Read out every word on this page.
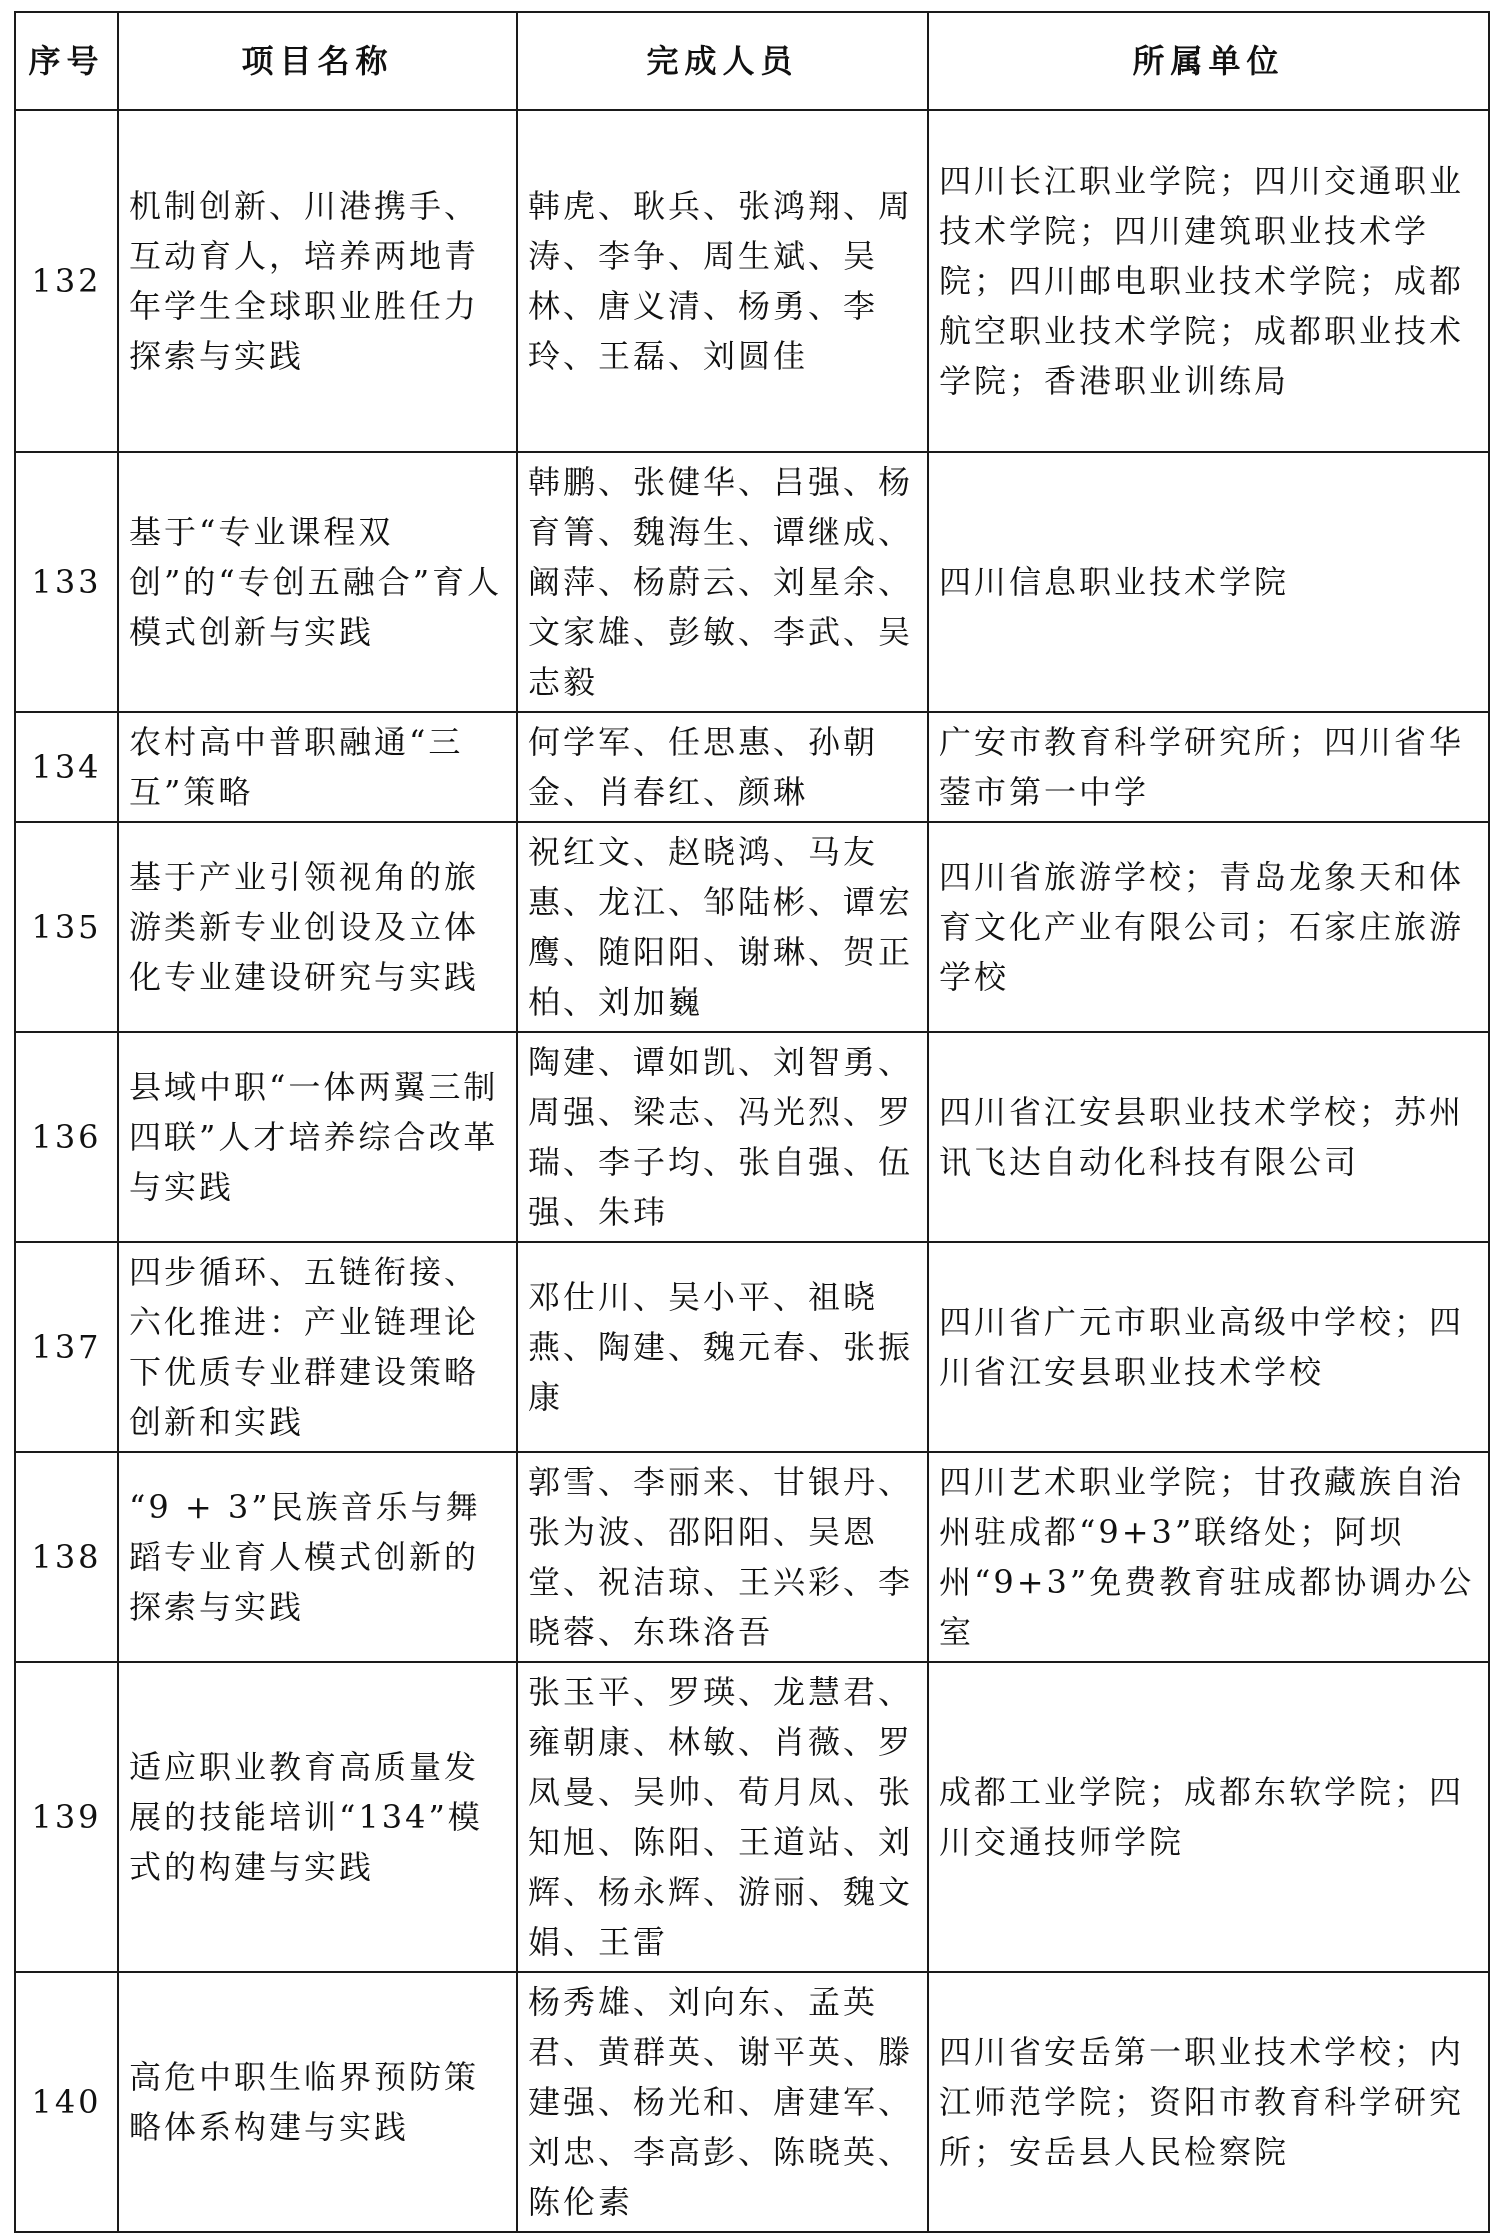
序号	项目名称	完成人员	所属单位
132	机制创新、川港携手、互动育人，培养两地青年学生全球职业胜任力探索与实践	韩虎、耿兵、张鸿翔、周涛、李争、周生斌、吴林、唐义清、杨勇、李玲、王磊、刘圆佳	四川长江职业学院；四川交通职业技术学院；四川建筑职业技术学院；四川邮电职业技术学院；成都航空职业技术学院；成都职业技术学院；香港职业训练局
133	基于“专业课程双创”的“专创五融合”育人模式创新与实践	韩鹏、张健华、吕强、杨育箐、魏海生、谭继成、阚萍、杨蔚云、刘星余、文家雄、彭敏、李武、吴志毅	四川信息职业技术学院
134	农村高中普职融通“三互”策略	何学军、任思惠、孙朝金、肖春红、颜琳	广安市教育科学研究所；四川省华蓥市第一中学
135	基于产业引领视角的旅游类新专业创设及立体化专业建设研究与实践	祝红文、赵晓鸿、马友惠、龙江、邹陆彬、谭宏鹰、随阳阳、谢琳、贺正柏、刘加巍	四川省旅游学校；青岛龙象天和体育文化产业有限公司；石家庄旅游学校
136	县域中职“一体两翼三制四联”人才培养综合改革与实践	陶建、谭如凯、刘智勇、周强、梁志、冯光烈、罗瑞、李子均、张自强、伍强、朱玮	四川省江安县职业技术学校；苏州讯飞达自动化科技有限公司
137	四步循环、五链衔接、六化推进：产业链理论下优质专业群建设策略创新和实践	邓仕川、吴小平、祖晓燕、陶建、魏元春、张振康	四川省广元市职业高级中学校；四川省江安县职业技术学校
138	“9 + 3”民族音乐与舞蹈专业育人模式创新的探索与实践	郭雪、李丽来、甘银丹、张为波、邵阳阳、吴恩堂、祝洁琼、王兴彩、李晓蓉、东珠洛吾	四川艺术职业学院；甘孜藏族自治州驻成都“9+3”联络处；阿坝州“9+3”免费教育驻成都协调办公室
139	适应职业教育高质量发展的技能培训“134”模式的构建与实践	张玉平、罗瑛、龙慧君、雍朝康、林敏、肖薇、罗凤曼、吴帅、荀月凤、张知旭、陈阳、王道站、刘辉、杨永辉、游丽、魏文娟、王雷	成都工业学院；成都东软学院；四川交通技师学院
140	高危中职生临界预防策略体系构建与实践	杨秀雄、刘向东、孟英君、黄群英、谢平英、滕建强、杨光和、唐建军、刘忠、李高彭、陈晓英、陈伦素	四川省安岳第一职业技术学校；内江师范学院；资阳市教育科学研究所；安岳县人民检察院
